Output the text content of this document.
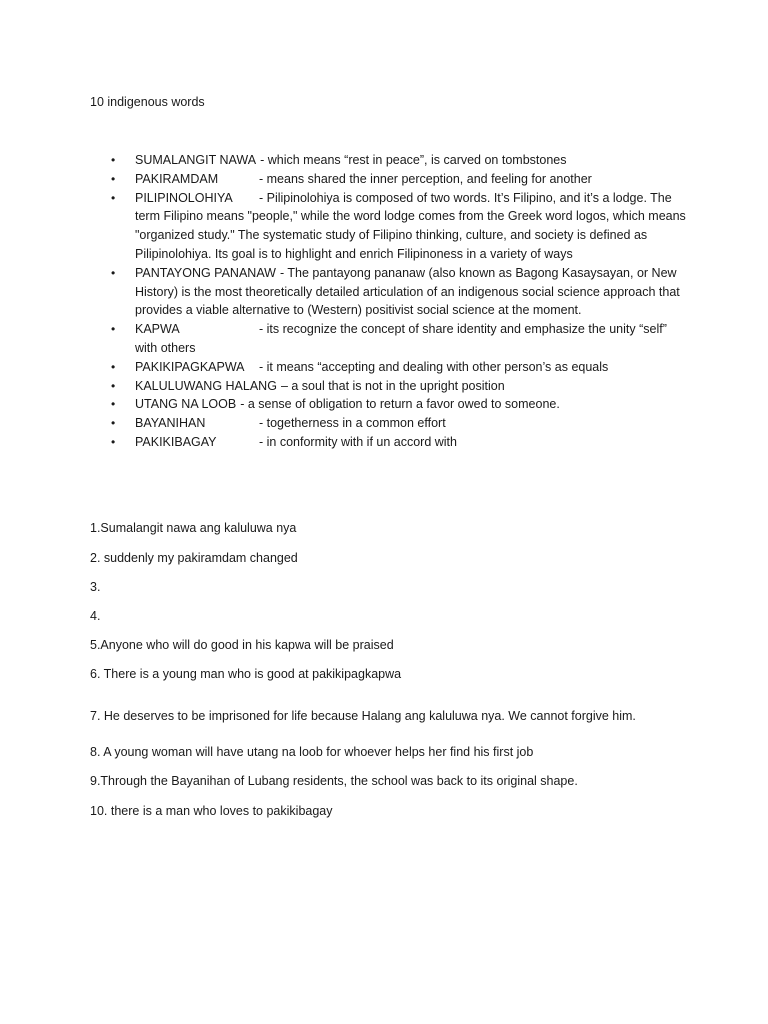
10 indigenous words

• SUMALANGIT NAWA - which means “rest in peace”, is carved on tombstones
• PAKIRAMDAM	- means shared the inner perception, and feeling for another
• PILIPINOLOHIYA - Pilipinolohiya is composed of two words. It’s Filipino, and it’s a lodge. The term Filipino means "people," while the word lodge comes from the Greek word logos, which means "organized study." The systematic study of Filipino thinking, culture, and society is defined as Pilipinolohiya. Its goal is to highlight and enrich Filipinoness in a variety of ways
• PANTAYONG PANANAW - The pantayong pananaw (also known as Bagong Kasaysayan, or New History) is the most theoretically detailed articulation of an indigenous social science approach that provides a viable alternative to (Western) positivist social science at the moment.
• KAPWA	- its recognize the concept of share identity and emphasize the unity “self” with others
• PAKIKIPAGKAPWA - it means “accepting and dealing with other person’s as equals
• KALULUWANG HALANG – a soul that is not in the upright position
• UTANG NA LOOB - a sense of obligation to return a favor owed to someone.
• BAYANIHAN	- togetherness in a common effort
• PAKIKIBAGAY	- in conformity with if un accord with

1.Sumalangit nawa ang kaluluwa nya

2. suddenly my pakiramdam changed

3.

4.

5.Anyone who will do good in his kapwa will be praised

6. There is a young man who is good at pakikipagkapwa

7. He deserves to be imprisoned for life because Halang ang kaluluwa nya. We cannot forgive him.

8. A young woman will have utang na loob for whoever helps her find his first job

9.Through the Bayanihan of Lubang residents, the school was back to its original shape.

10. there is a man who loves to pakikibagay
